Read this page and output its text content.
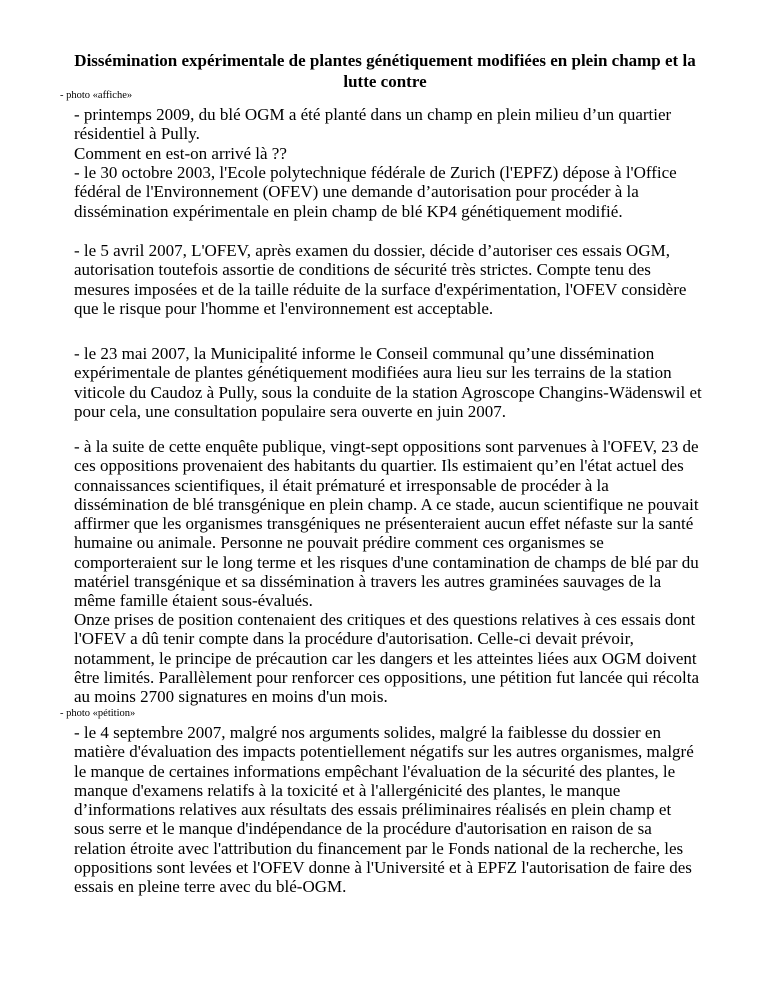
Dissémination expérimentale de plantes génétiquement modifiées en plein champ et la lutte contre

- photo «affiche»

- printemps 2009, du blé OGM a été planté dans un champ en plein milieu d’un quartier résidentiel à Pully.

Comment en est-on arrivé là ??

- le 30 octobre 2003, l'Ecole polytechnique fédérale de Zurich (l'EPFZ) dépose à l'Office fédéral de l'Environnement (OFEV) une demande d’autorisation pour procéder à la dissémination expérimentale en plein champ de blé KP4 génétiquement modifié.

- le 5 avril 2007, L'OFEV, après examen du dossier, décide d’autoriser ces essais OGM, autorisation toutefois assortie de conditions de sécurité très strictes. Compte tenu des mesures imposées et de la taille réduite de la surface d'expérimentation, l'OFEV considère que le risque pour l'homme et l'environnement est acceptable.

- le 23 mai 2007, la Municipalité informe le Conseil communal qu’une dissémination expérimentale de plantes génétiquement modifiées aura lieu sur les terrains de la station viticole du Caudoz à Pully, sous la conduite de la station Agroscope Changins-Wädenswil et pour cela, une consultation populaire sera ouverte en juin 2007.

- à la suite de cette enquête publique, vingt-sept oppositions sont parvenues à l'OFEV, 23 de ces oppositions provenaient des habitants du quartier. Ils estimaient qu’en l'état actuel des connaissances scientifiques, il était prématuré et irresponsable de procéder à la dissémination de blé transgénique en plein champ. A ce stade, aucun scientifique ne pouvait affirmer que les organismes transgéniques ne présenteraient aucun effet néfaste sur la santé humaine ou animale. Personne ne pouvait prédire comment ces organismes se comporteraient sur le long terme et les risques d'une contamination de champs de blé par du matériel transgénique et sa dissémination à travers les autres graminées sauvages de la même famille étaient sous-évalués.

Onze prises de position contenaient des critiques et des questions relatives à ces essais dont l'OFEV a dû tenir compte dans la procédure d'autorisation. Celle-ci devait prévoir, notamment, le principe de précaution car les dangers et les atteintes liées aux OGM doivent être limités. Parallèlement pour renforcer ces oppositions, une pétition fut lancée qui récolta au moins 2700 signatures en moins d'un mois.

- photo «pétition»

- le 4 septembre 2007, malgré nos arguments solides, malgré la faiblesse du dossier en matière d'évaluation des impacts potentiellement négatifs sur les autres organismes, malgré le manque de certaines informations empêchant l'évaluation de la sécurité des plantes, le manque d'examens relatifs à la toxicité et à l'allergénicité des plantes, le manque d’informations relatives aux résultats des essais préliminaires réalisés en plein champ et sous serre et le manque d'indépendance de la procédure d'autorisation en raison de sa relation étroite avec l'attribution du financement par le Fonds national de la recherche, les oppositions sont levées et l'OFEV donne à l'Université et à EPFZ l'autorisation de faire des essais en pleine terre avec du blé-OGM.
